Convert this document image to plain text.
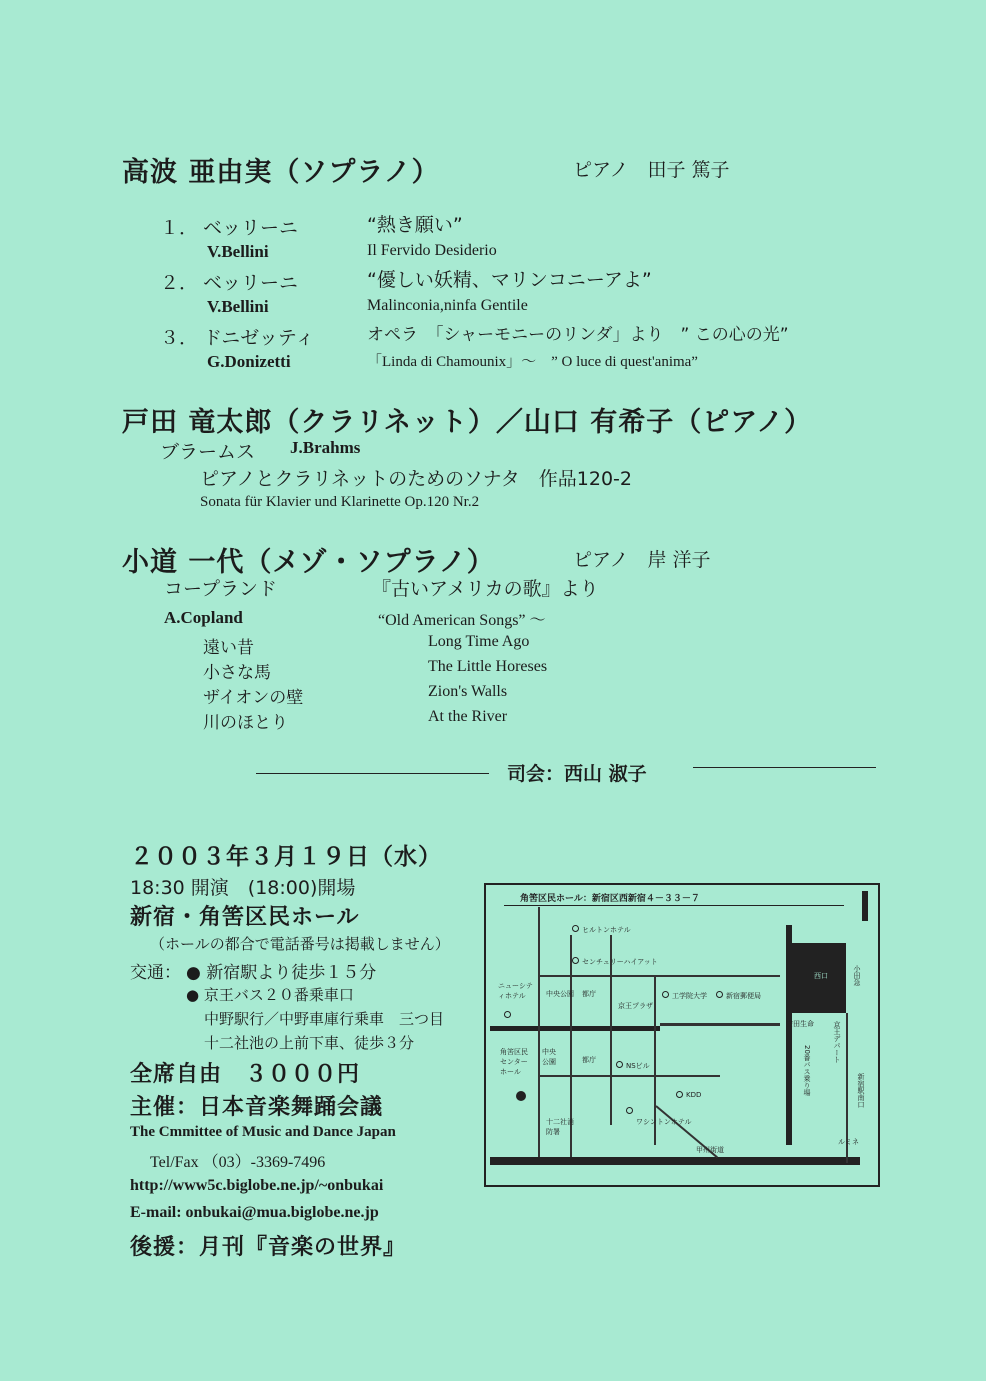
高波 亜由実（ソプラノ）	ピアノ　田子 篤子
１． ベッリーニ	“熱き願い”
V.Bellini	Il Fervido Desiderio
２． ベッリーニ	“優しい妖精、マリンコニーアよ”
V.Bellini	Malinconia,ninfa Gentile
３． ドニゼッティ	オペラ　「シャーモニーのリンダ」より　” この心の光”
G.Donizetti	「Linda di Chamounix」～　” O luce di quest'anima”
戸田 竜太郎（クラリネット）／山口 有希子（ピアノ）
ブラームス J.Brahms
ピアノとクラリネットのためのソナタ　作品120-2
Sonata für Klavier und Klarinette Op.120 Nr.2
小道 一代（メゾ・ソプラノ）	ピアノ　岸 洋子
コープランド	『古いアメリカの歌』より
A.Copland	“Old American Songs” ～
遠い昔	Long Time Ago
小さな馬	The Little Horeses
ザイオンの壁	Zion's Walls
川のほとり	At the River
司会：西山 淑子
２００３年３月１９日（水）
18:30 開演　(18:00)開場
新宿・角筈区民ホール
（ホールの都合で電話番号は掲載しません）
交通： ● 新宿駅より徒歩１５分
● 京王バス２０番乗車口
中野駅行／中野車庫行乗車　三つ目
十二社池の上前下車、徒歩３分
全席自由　３０００円
主催：日本音楽舞踊会議
The Cmmittee of Music and Dance Japan
Tel/Fax （03）-3369-7496
http://www5c.biglobe.ne.jp/~onbukai
E-mail: onbukai@mua.biglobe.ne.jp
後援：月刊『音楽の世界』
角筈区民ホール：新宿区西新宿４－３３－７
ヒルトンホテル
センチュリーハイアット
ニューシティホテル	中央公園 都庁
京王プラザ
工学院大学	新宿郵便局
安田生命
西口	小田急
京王デパート
20番バス乗り場	新宿駅南口
ルミネ
NSビル
KDD
ワシントンホテル
十二社消防署
角筈区民センターホール
甲州街道
中央公園	都庁
